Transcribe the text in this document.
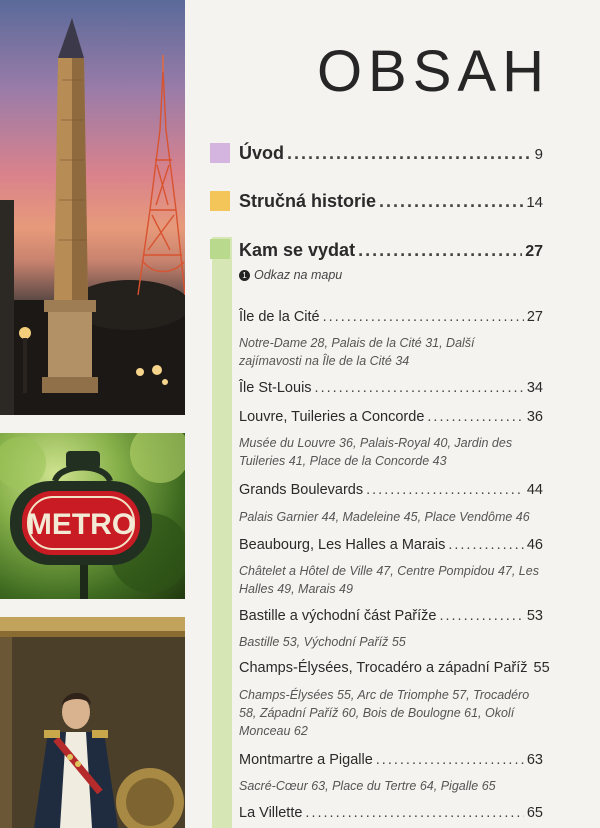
METRO
OBSAH
Úvod .....	9
Stručná historie .....	14
Kam se vydat .....	27
1 Odkaz na mapu
Île de la Cité .....	27
Notre-Dame 28, Palais de la Cité 31, Další zajímavosti na Île de la Cité 34
Île St-Louis .....	34
Louvre, Tuileries a Concorde .....	36
Musée du Louvre 36, Palais-Royal 40, Jardin des Tuileries 41, Place de la Concorde 43
Grands Boulevards .....	44
Palais Garnier 44, Madeleine 45, Place Vendôme 46
Beaubourg, Les Halles a Marais .....	46
Châtelet a Hôtel de Ville 47, Centre Pompidou 47, Les Halles 49, Marais 49
Bastille a východní část Paříže .....	53
Bastille 53, Východní Paříž 55
Champs-Élysées, Trocadéro a západní Paříž 55
Champs-Élysées 55, Arc de Triomphe 57, Trocadéro 58, Západní Paříž 60, Bois de Boulogne 61, Okolí Monceau 62
Montmartre a Pigalle .....	63
Sacré-Cœur 63, Place du Tertre 64, Pigalle 65
La Villette .....	65
